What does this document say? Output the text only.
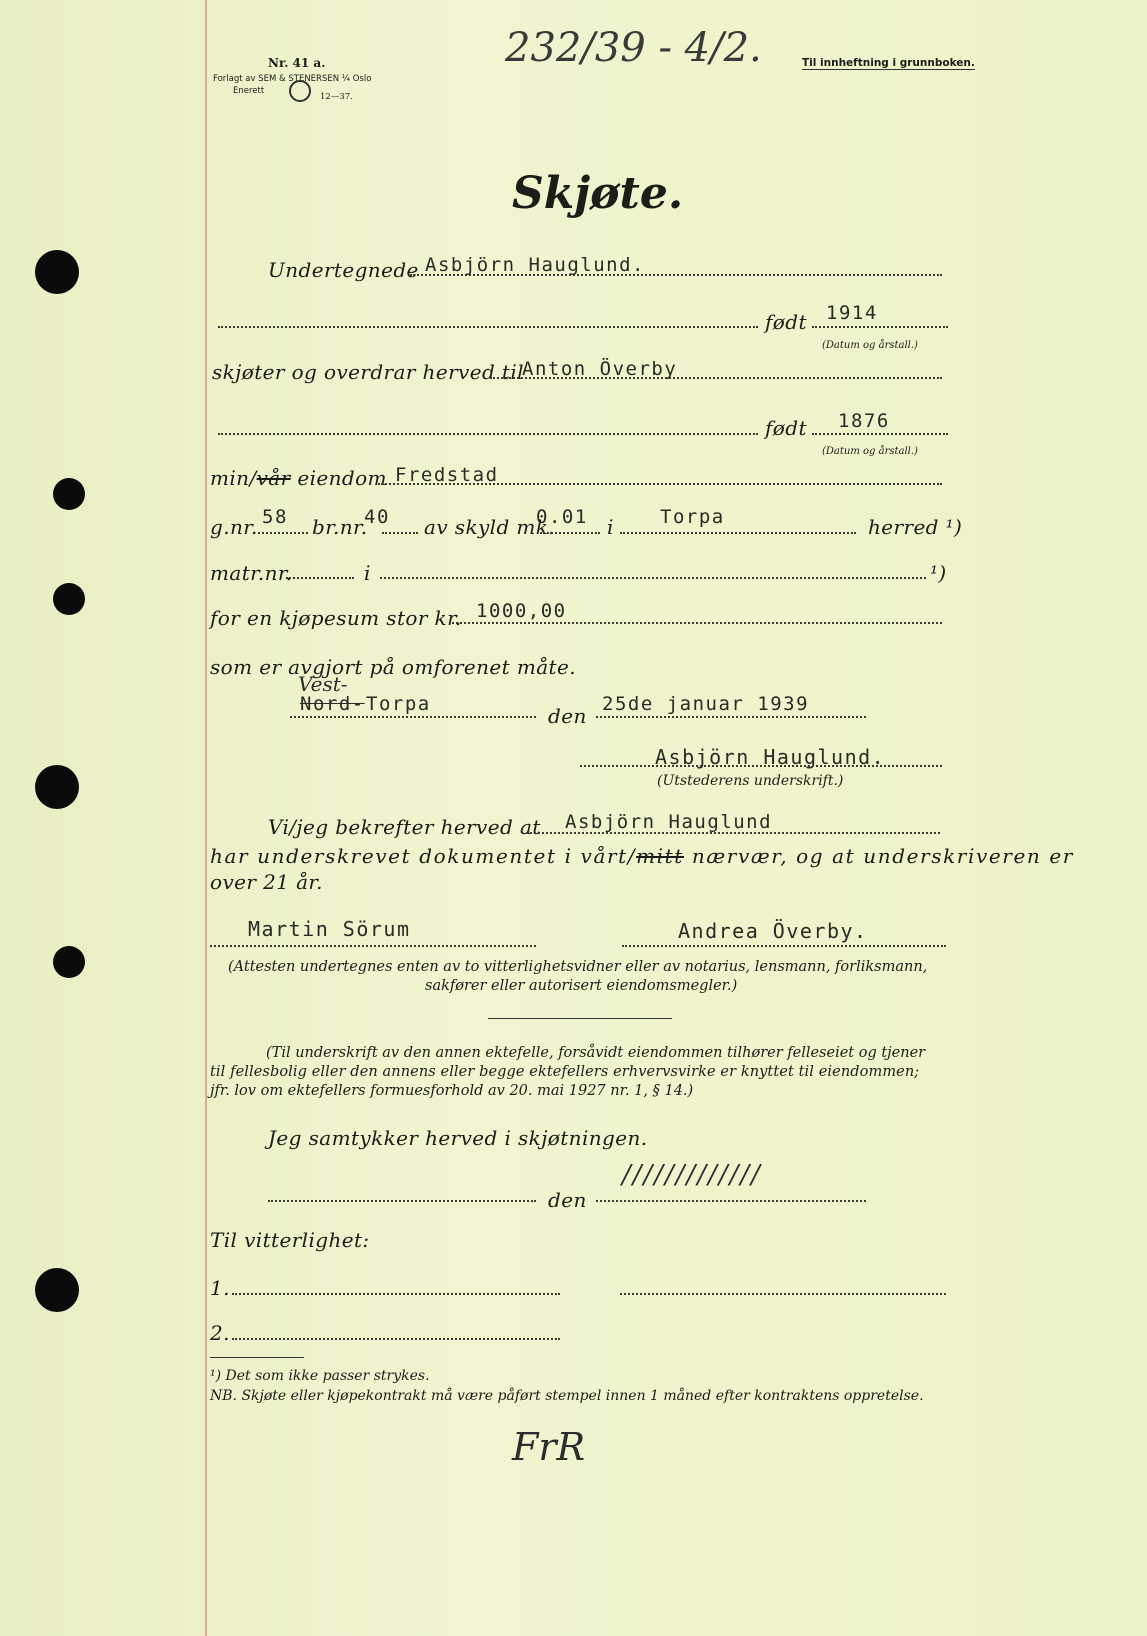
Nr. 41 a.
Forlagt av SEM & STENERSEN ¼ Oslo
Enerett
12—37.
232/39 - 4/2.	Til innheftning i grunnboken.
Skjøte.
Undertegnede Asbjörn Hauglund.
født 1914
(Datum og årstall.)
skjøter og overdrar herved til
Anton Överby
født 1876
(Datum og årstall.)
min/vår eiendom Fredstad
g.nr. 58 br.nr.
40 av skyld mk.
0.01 i Torpa	herred ¹)
matr.nr.	i	¹)
for en kjøpesum stor kr. 1000,00
som er avgjort på omforenet måte.
Vest-
Nord- Torpa	den 25de januar 1939
Asbjörn Hauglund.
(Utstederens underskrift.)
Vi/jeg bekrefter herved at Asbjörn Hauglund
har underskrevet dokumentet i vårt/mitt nærvær, og at underskriveren er
over 21 år.
Martin Sörum	Andrea Överby.
(Attesten undertegnes enten av to vitterlighetsvidner eller av notarius, lensmann, forliksmann,
sakfører eller autorisert eiendomsmegler.)
(Til underskrift av den annen ektefelle, forsåvidt eiendommen tilhører felleseiet og tjener
til fellesbolig eller den annens eller begge ektefellers erhvervsvirke er knyttet til eiendommen;
jfr. lov om ektefellers formuesforhold av 20. mai 1927 nr. 1, § 14.)
Jeg samtykker herved i skjøtningen.
den
/////////////
Til vitterlighet:
1.
2.
¹) Det som ikke passer strykes.
NB. Skjøte eller kjøpekontrakt må være påført stempel innen 1 måned efter kontraktens oppretelse.
FrR
